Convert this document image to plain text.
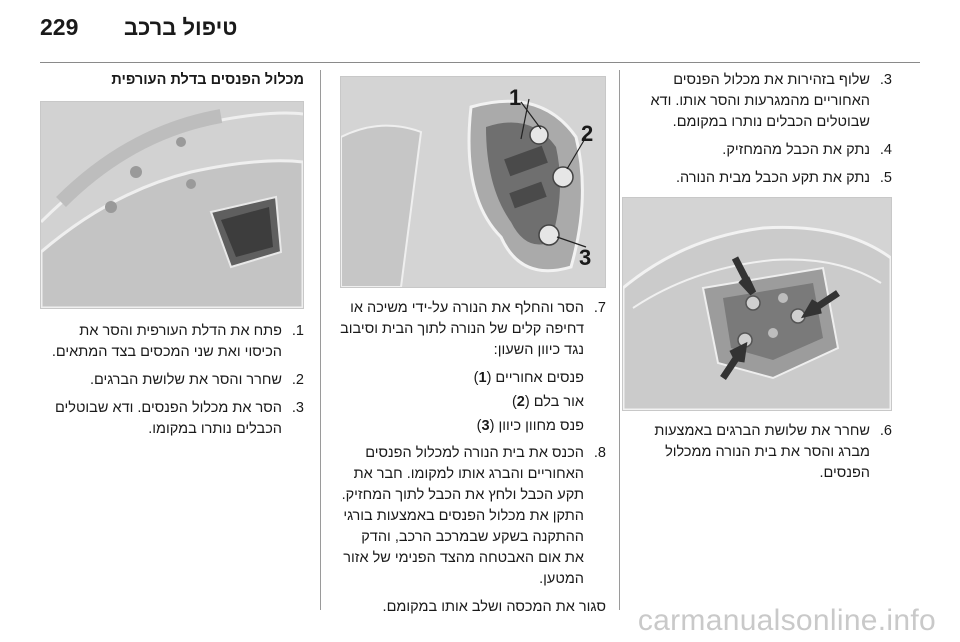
229 טיפול ברכב
3.
שלוף בזהירות את מכלול הפנסים האחוריים מהמגרעות והסר אותו. ודא שבוטלים הכבלים נותרו במקומם.
4.
נתק את הכבל מהמחזיק.
5.
נתק את תקע הכבל מבית הנורה.
6.
שחרר את שלושת הברגים באמצעות מברג והסר את בית הנורה ממכלול הפנסים.
1
2
3
7.
הסר והחלף את הנורה על-ידי משיכה או דחיפה קלים של הנורה לתוך הבית וסיבוב נגד כיוון השעון:
פנסים אחוריים (1)
אור בלם (2)
פנס מחוון כיוון (3)
8.
הכנס את בית הנורה למכלול הפנסים האחוריים והברג אותו למקומו. חבר את תקע הכבל ולחץ את הכבל לתוך המחזיק. התקן את מכלול הפנסים באמצעות בורגי ההתקנה בשקע שבמרכב הרכב, והדק את אום האבטחה מהצד הפנימי של אזור המטען.
סגור את המכסה ושלב אותו במקומם.
מכלול הפנסים בדלת העורפית
1.
פתח את הדלת העורפית והסר את הכיסוי ואת שני המכסים בצד המתאים.
2.
שחרר והסר את שלושת הברגים.
3.
הסר את מכלול הפנסים. ודא שבוטלים הכבלים נותרו במקומו.
carmanualsonline.info
